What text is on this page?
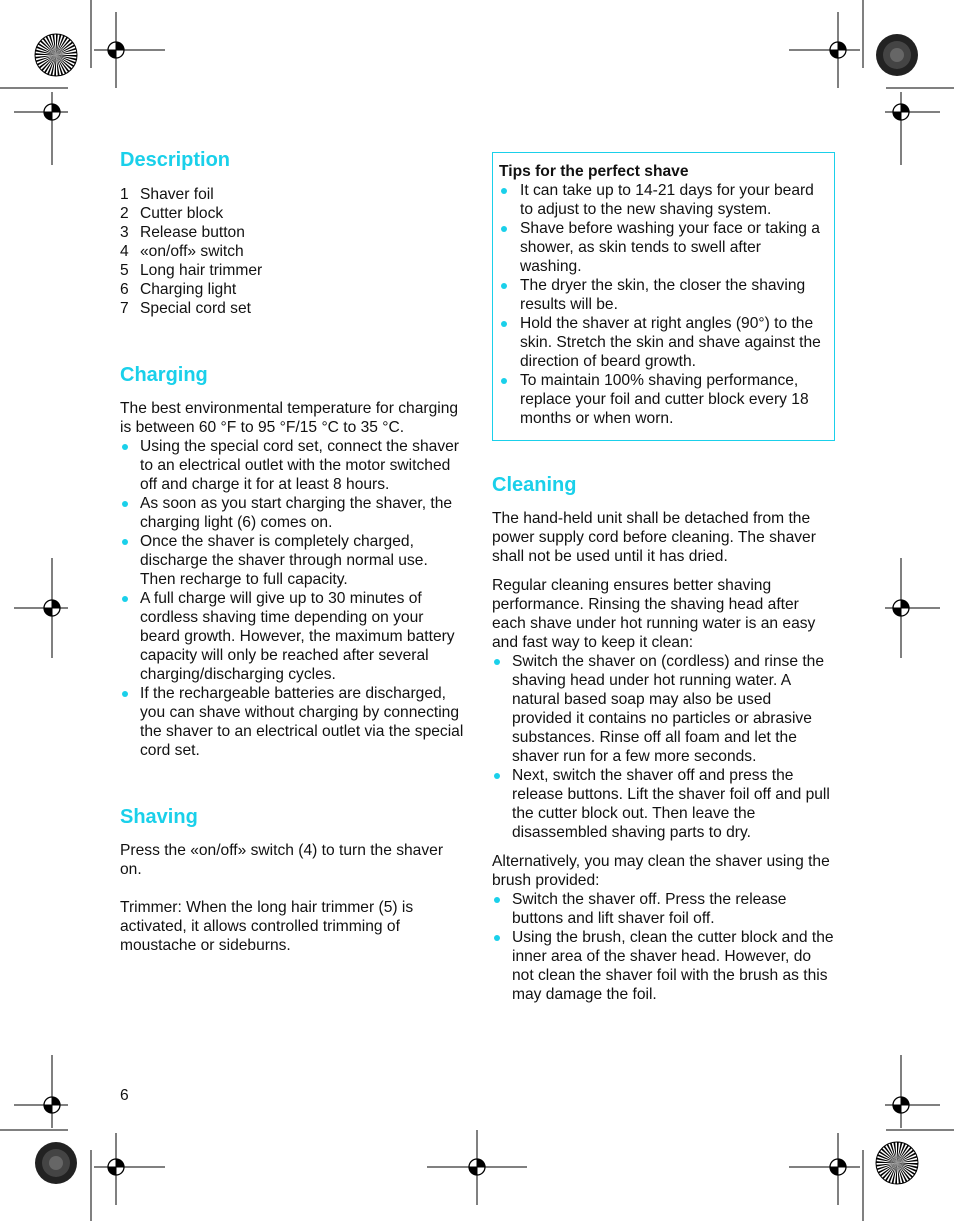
Description
1 Shaver foil
2 Cutter block
3 Release button
4 «on/off» switch
5 Long hair trimmer
6 Charging light
7 Special cord set
Charging

The best environmental temperature for charging is between 60 °F to 95 °F/15 °C to 35 °C.

Using the special cord set, connect the shaver to an electrical outlet with the motor switched off and charge it for at least 8 hours.
As soon as you start charging the shaver, the charging light (6) comes on.
Once the shaver is completely charged, discharge the shaver through normal use. Then recharge to full capacity.
A full charge will give up to 30 minutes of cordless shaving time depending on your beard growth. However, the maximum battery capacity will only be reached after several charging/discharging cycles.
If the rechargeable batteries are discharged, you can shave without charging by connecting the shaver to an electrical outlet via the special cord set.
Shaving

Press the «on/off» switch (4) to turn the shaver on.

Trimmer: When the long hair trimmer (5) is activated, it allows controlled trimming of moustache or sideburns.

Tips for the perfect shave
It can take up to 14-21 days for your beard to adjust to the new shaving system.
Shave before washing your face or taking a shower, as skin tends to swell after washing.
The dryer the skin, the closer the shaving results will be.
Hold the shaver at right angles (90°) to the skin. Stretch the skin and shave against the direction of beard growth.
To maintain 100% shaving performance, replace your foil and cutter block every 18 months or when worn.
Cleaning

The hand-held unit shall be detached from the power supply cord before cleaning. The shaver shall not be used until it has dried.

Regular cleaning ensures better shaving performance. Rinsing the shaving head after each shave under hot running water is an easy and fast way to keep it clean:

Switch the shaver on (cordless) and rinse the shaving head under hot running water. A natural based soap may also be used provided it contains no particles or abrasive substances. Rinse off all foam and let the shaver run for a few more seconds.
Next, switch the shaver off and press the release buttons. Lift the shaver foil off and pull the cutter block out. Then leave the disassembled shaving parts to dry.

Alternatively, you may clean the shaver using the brush provided:

Switch the shaver off. Press the release buttons and lift shaver foil off.
Using the brush, clean the cutter block and the inner area of the shaver head. However, do not clean the shaver foil with the brush as this may damage the foil.
6
